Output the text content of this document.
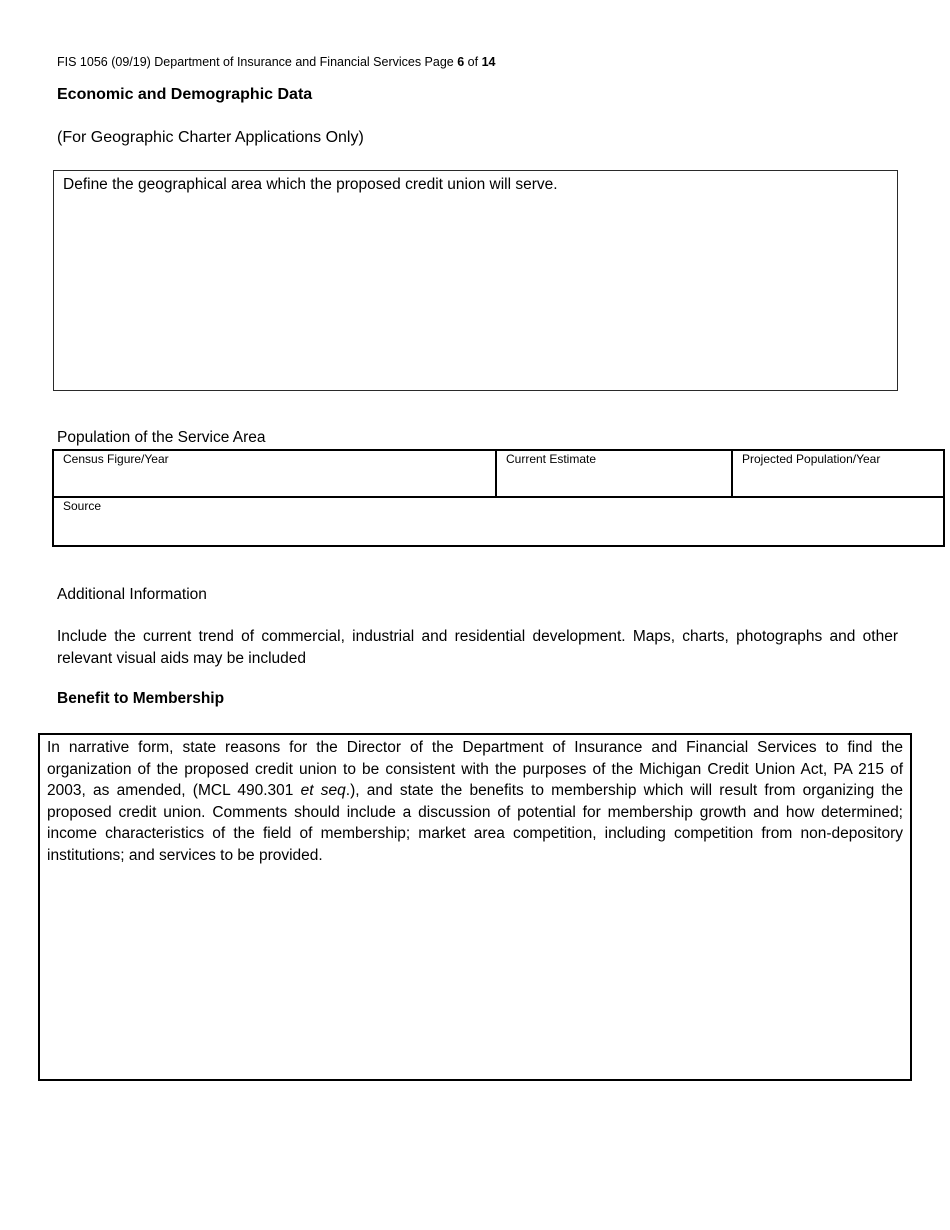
FIS 1056 (09/19) Department of Insurance and Financial Services Page 6 of 14
Economic and Demographic Data
(For Geographic Charter Applications Only)
Define the geographical area which the proposed credit union will serve.
Population of the Service Area
Census Figure/Year	Current Estimate	Projected Population/Year
Source
Additional Information

Include the current trend of commercial, industrial and residential development. Maps, charts, photographs and other relevant visual aids may be included

Benefit to Membership

In narrative form, state reasons for the Director of the Department of Insurance and Financial Services to find the organization of the proposed credit union to be consistent with the purposes of the Michigan Credit Union Act, PA 215 of 2003, as amended, (MCL 490.301 et seq.), and state the benefits to membership which will result from organizing the proposed credit union. Comments should include a discussion of potential for membership growth and how determined; income characteristics of the field of membership; market area competition, including competition from non-depository institutions; and services to be provided.
